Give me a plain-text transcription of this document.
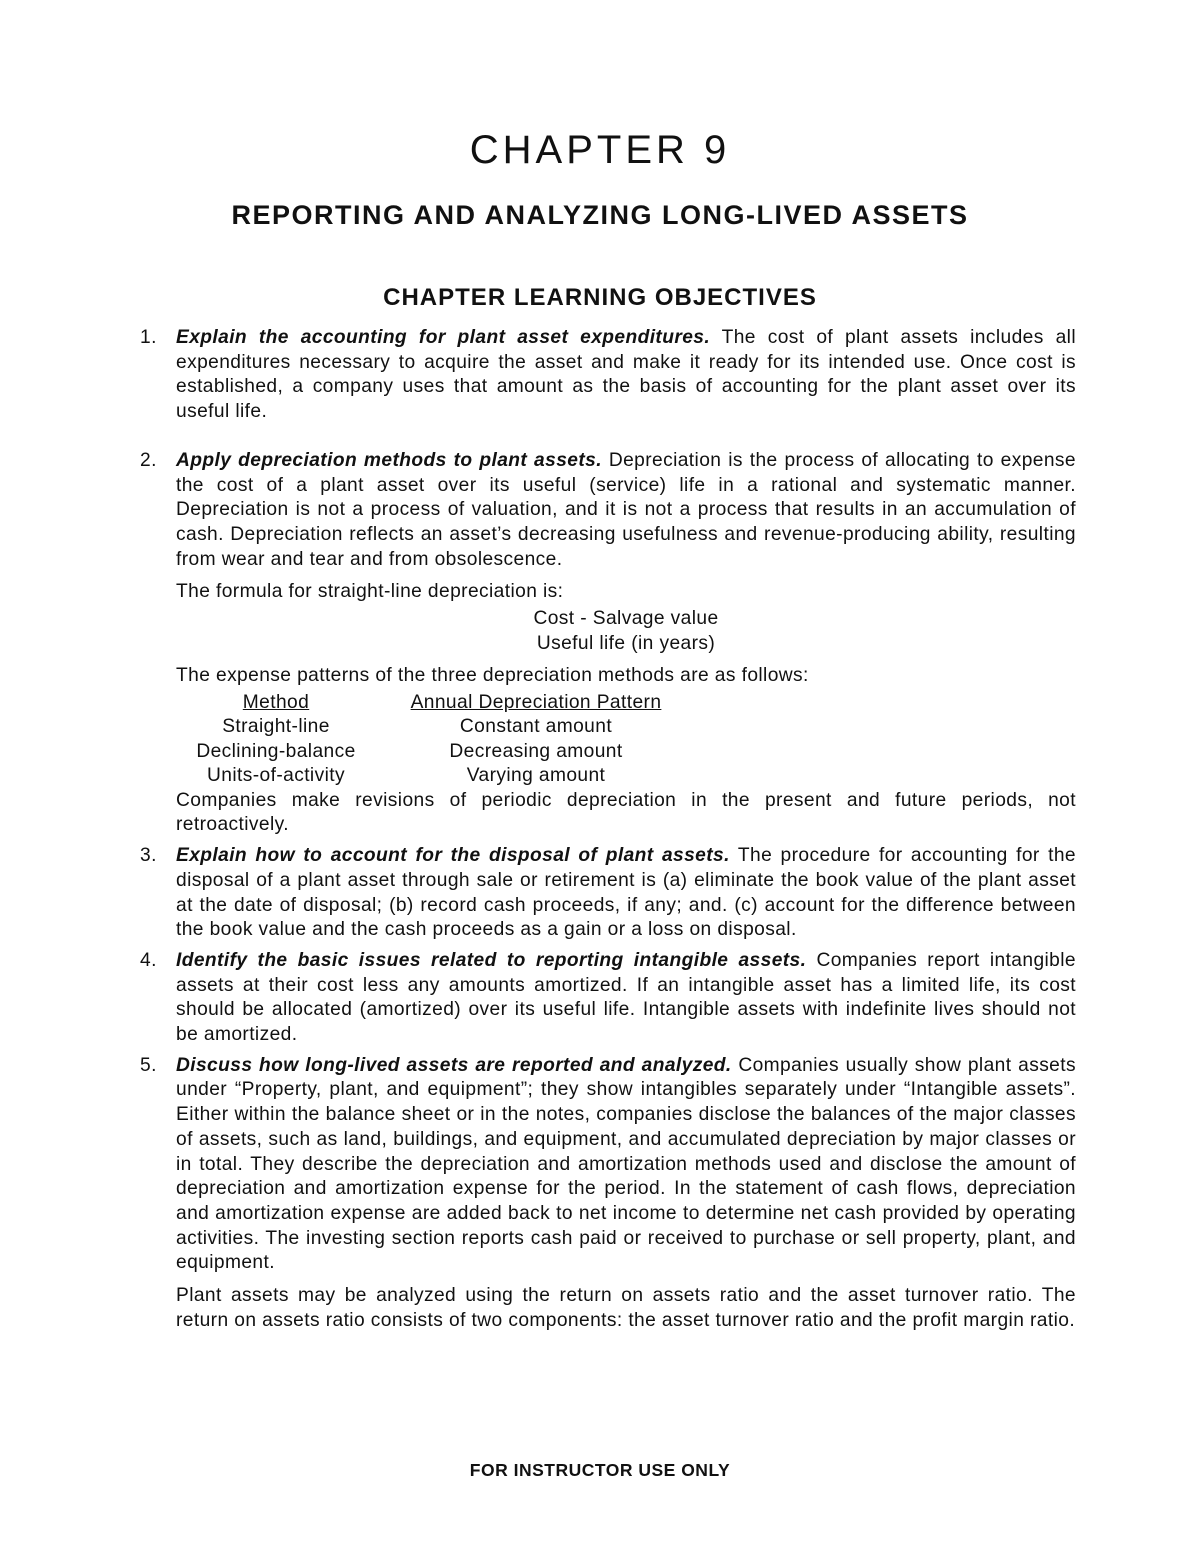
CHAPTER 9
REPORTING AND ANALYZING LONG-LIVED ASSETS
CHAPTER LEARNING OBJECTIVES
1. Explain the accounting for plant asset expenditures. The cost of plant assets includes all expenditures necessary to acquire the asset and make it ready for its intended use. Once cost is established, a company uses that amount as the basis of accounting for the plant asset over its useful life.

2. Apply depreciation methods to plant assets. Depreciation is the process of allocating to expense the cost of a plant asset over its useful (service) life in a rational and systematic manner. Depreciation is not a process of valuation, and it is not a process that results in an accumulation of cash. Depreciation reflects an asset’s decreasing usefulness and revenue-producing ability, resulting from wear and tear and from obsolescence.

The formula for straight-line depreciation is:

Cost - Salvage value
Useful life (in years)

The expense patterns of the three depreciation methods are as follows:

Method	Annual Depreciation Pattern
Straight-line	Constant amount
Declining-balance	Decreasing amount
Units-of-activity	Varying amount

Companies make revisions of periodic depreciation in the present and future periods, not retroactively.

3. Explain how to account for the disposal of plant assets. The procedure for accounting for the disposal of a plant asset through sale or retirement is (a) eliminate the book value of the plant asset at the date of disposal; (b) record cash proceeds, if any; and. (c) account for the difference between the book value and the cash proceeds as a gain or a loss on disposal.

4. Identify the basic issues related to reporting intangible assets. Companies report intangible assets at their cost less any amounts amortized. If an intangible asset has a limited life, its cost should be allocated (amortized) over its useful life. Intangible assets with indefinite lives should not be amortized.

5. Discuss how long-lived assets are reported and analyzed. Companies usually show plant assets under “Property, plant, and equipment”; they show intangibles separately under “Intangible assets”. Either within the balance sheet or in the notes, companies disclose the balances of the major classes of assets, such as land, buildings, and equipment, and accumulated depreciation by major classes or in total. They describe the depreciation and amortization methods used and disclose the amount of depreciation and amortization expense for the period. In the statement of cash flows, depreciation and amortization expense are added back to net income to determine net cash provided by operating activities. The investing section reports cash paid or received to purchase or sell property, plant, and equipment.

Plant assets may be analyzed using the return on assets ratio and the asset turnover ratio. The return on assets ratio consists of two components: the asset turnover ratio and the profit margin ratio.

FOR INSTRUCTOR USE ONLY
